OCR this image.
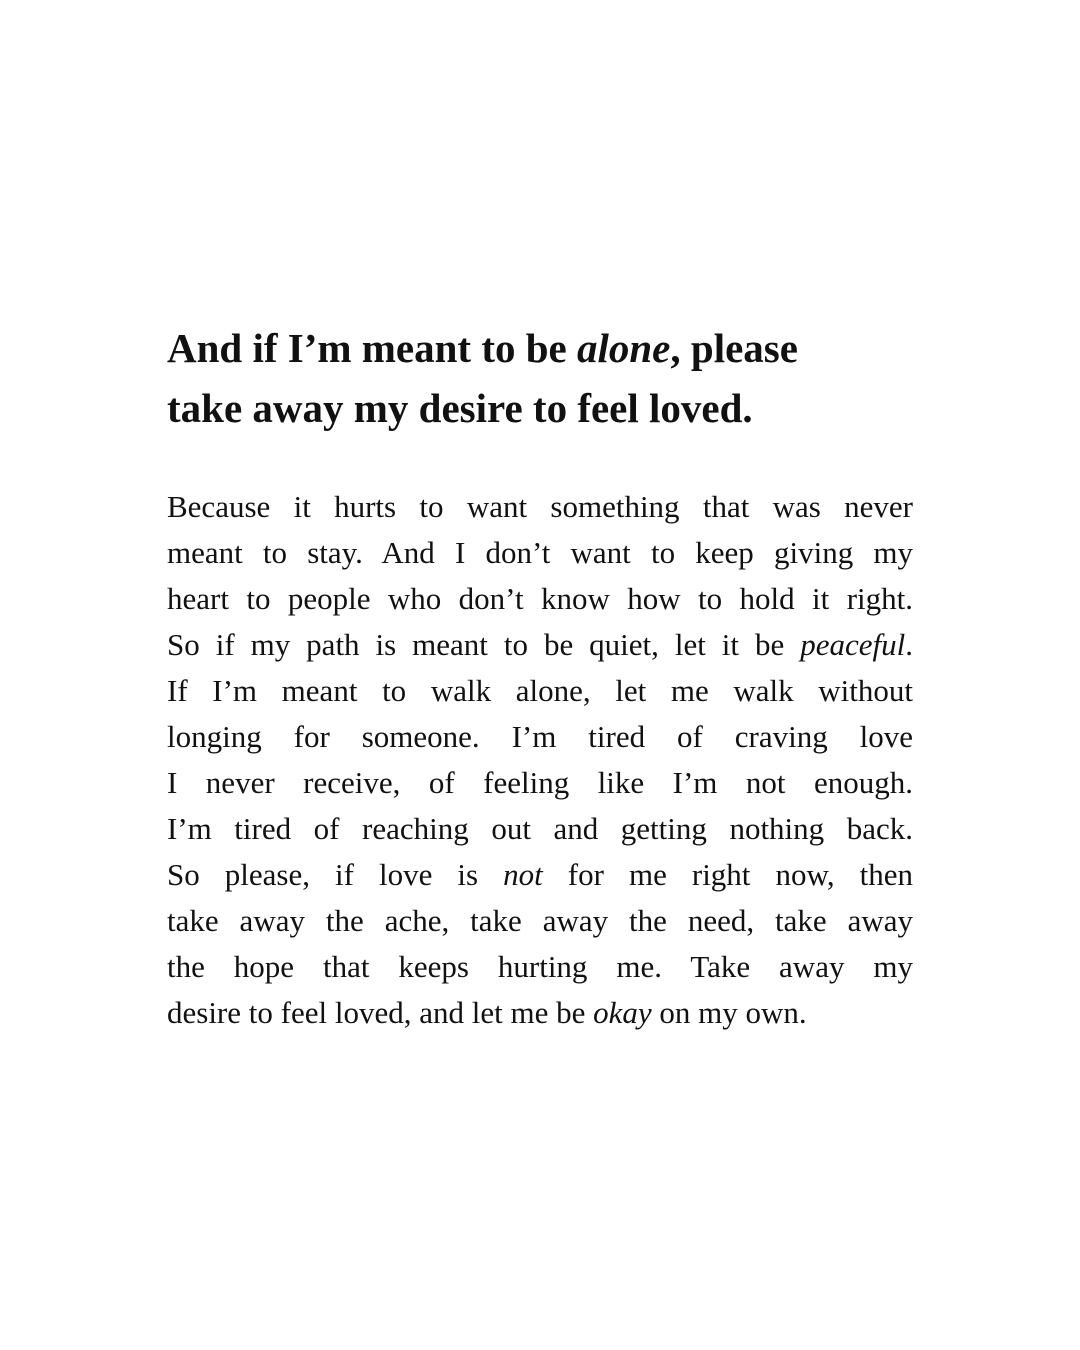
And if I’m meant to be alone, please
take away my desire to feel loved.
Because it hurts to want something that was never
meant to stay. And I don’t want to keep giving my
heart to people who don’t know how to hold it right.
So if my path is meant to be quiet, let it be peaceful.
If I’m meant to walk alone, let me walk without
longing for someone. I’m tired of craving love
I never receive, of feeling like I’m not enough.
I’m tired of reaching out and getting nothing back.
So please, if love is not for me right now, then
take away the ache, take away the need, take away
the hope that keeps hurting me. Take away my
desire to feel loved, and let me be okay on my own.
